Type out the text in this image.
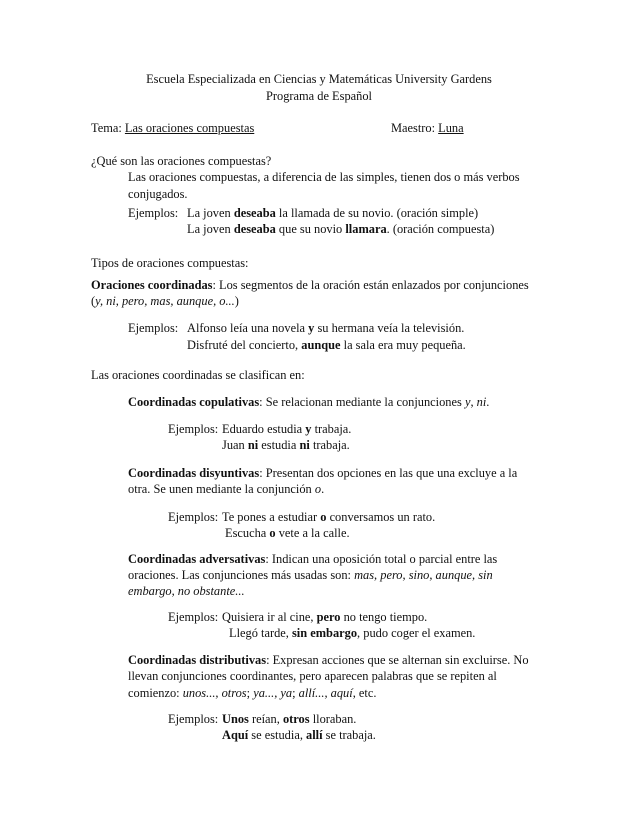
Escuela Especializada en Ciencias y Matemáticas University Gardens
Programa de Español
Tema: Las oraciones compuestas	Maestro: Luna
¿Qué son las oraciones compuestas?
Las oraciones compuestas, a diferencia de las simples, tienen dos o más verbos
conjugados.
Ejemplos: La joven deseaba la llamada de su novio. (oración simple)
La joven deseaba que su novio llamara. (oración compuesta)
Tipos de oraciones compuestas:
Oraciones coordinadas: Los segmentos de la oración están enlazados por conjunciones
(y, ni, pero, mas, aunque, o...)
Ejemplos: Alfonso leía una novela y su hermana veía la televisión.
Disfruté del concierto, aunque la sala era muy pequeña.
Las oraciones coordinadas se clasifican en:
Coordinadas copulativas: Se relacionan mediante la conjunciones y, ni.
Ejemplos: Eduardo estudia y trabaja.
Juan ni estudia ni trabaja.
Coordinadas disyuntivas: Presentan dos opciones en las que una excluye a la
otra. Se unen mediante la conjunción o.
Ejemplos: Te pones a estudiar o conversamos un rato.
Escucha o vete a la calle.
Coordinadas adversativas: Indican una oposición total o parcial entre las
oraciones. Las conjunciones más usadas son: mas, pero, sino, aunque, sin
embargo, no obstante...
Ejemplos: Quisiera ir al cine, pero no tengo tiempo.
Llegó tarde, sin embargo, pudo coger el examen.
Coordinadas distributivas: Expresan acciones que se alternan sin excluirse. No
llevan conjunciones coordinantes, pero aparecen palabras que se repiten al
comienzo: unos..., otros; ya..., ya; allí..., aquí, etc.
Ejemplos: Unos reían, otros lloraban.
Aquí se estudia, allí se trabaja.
